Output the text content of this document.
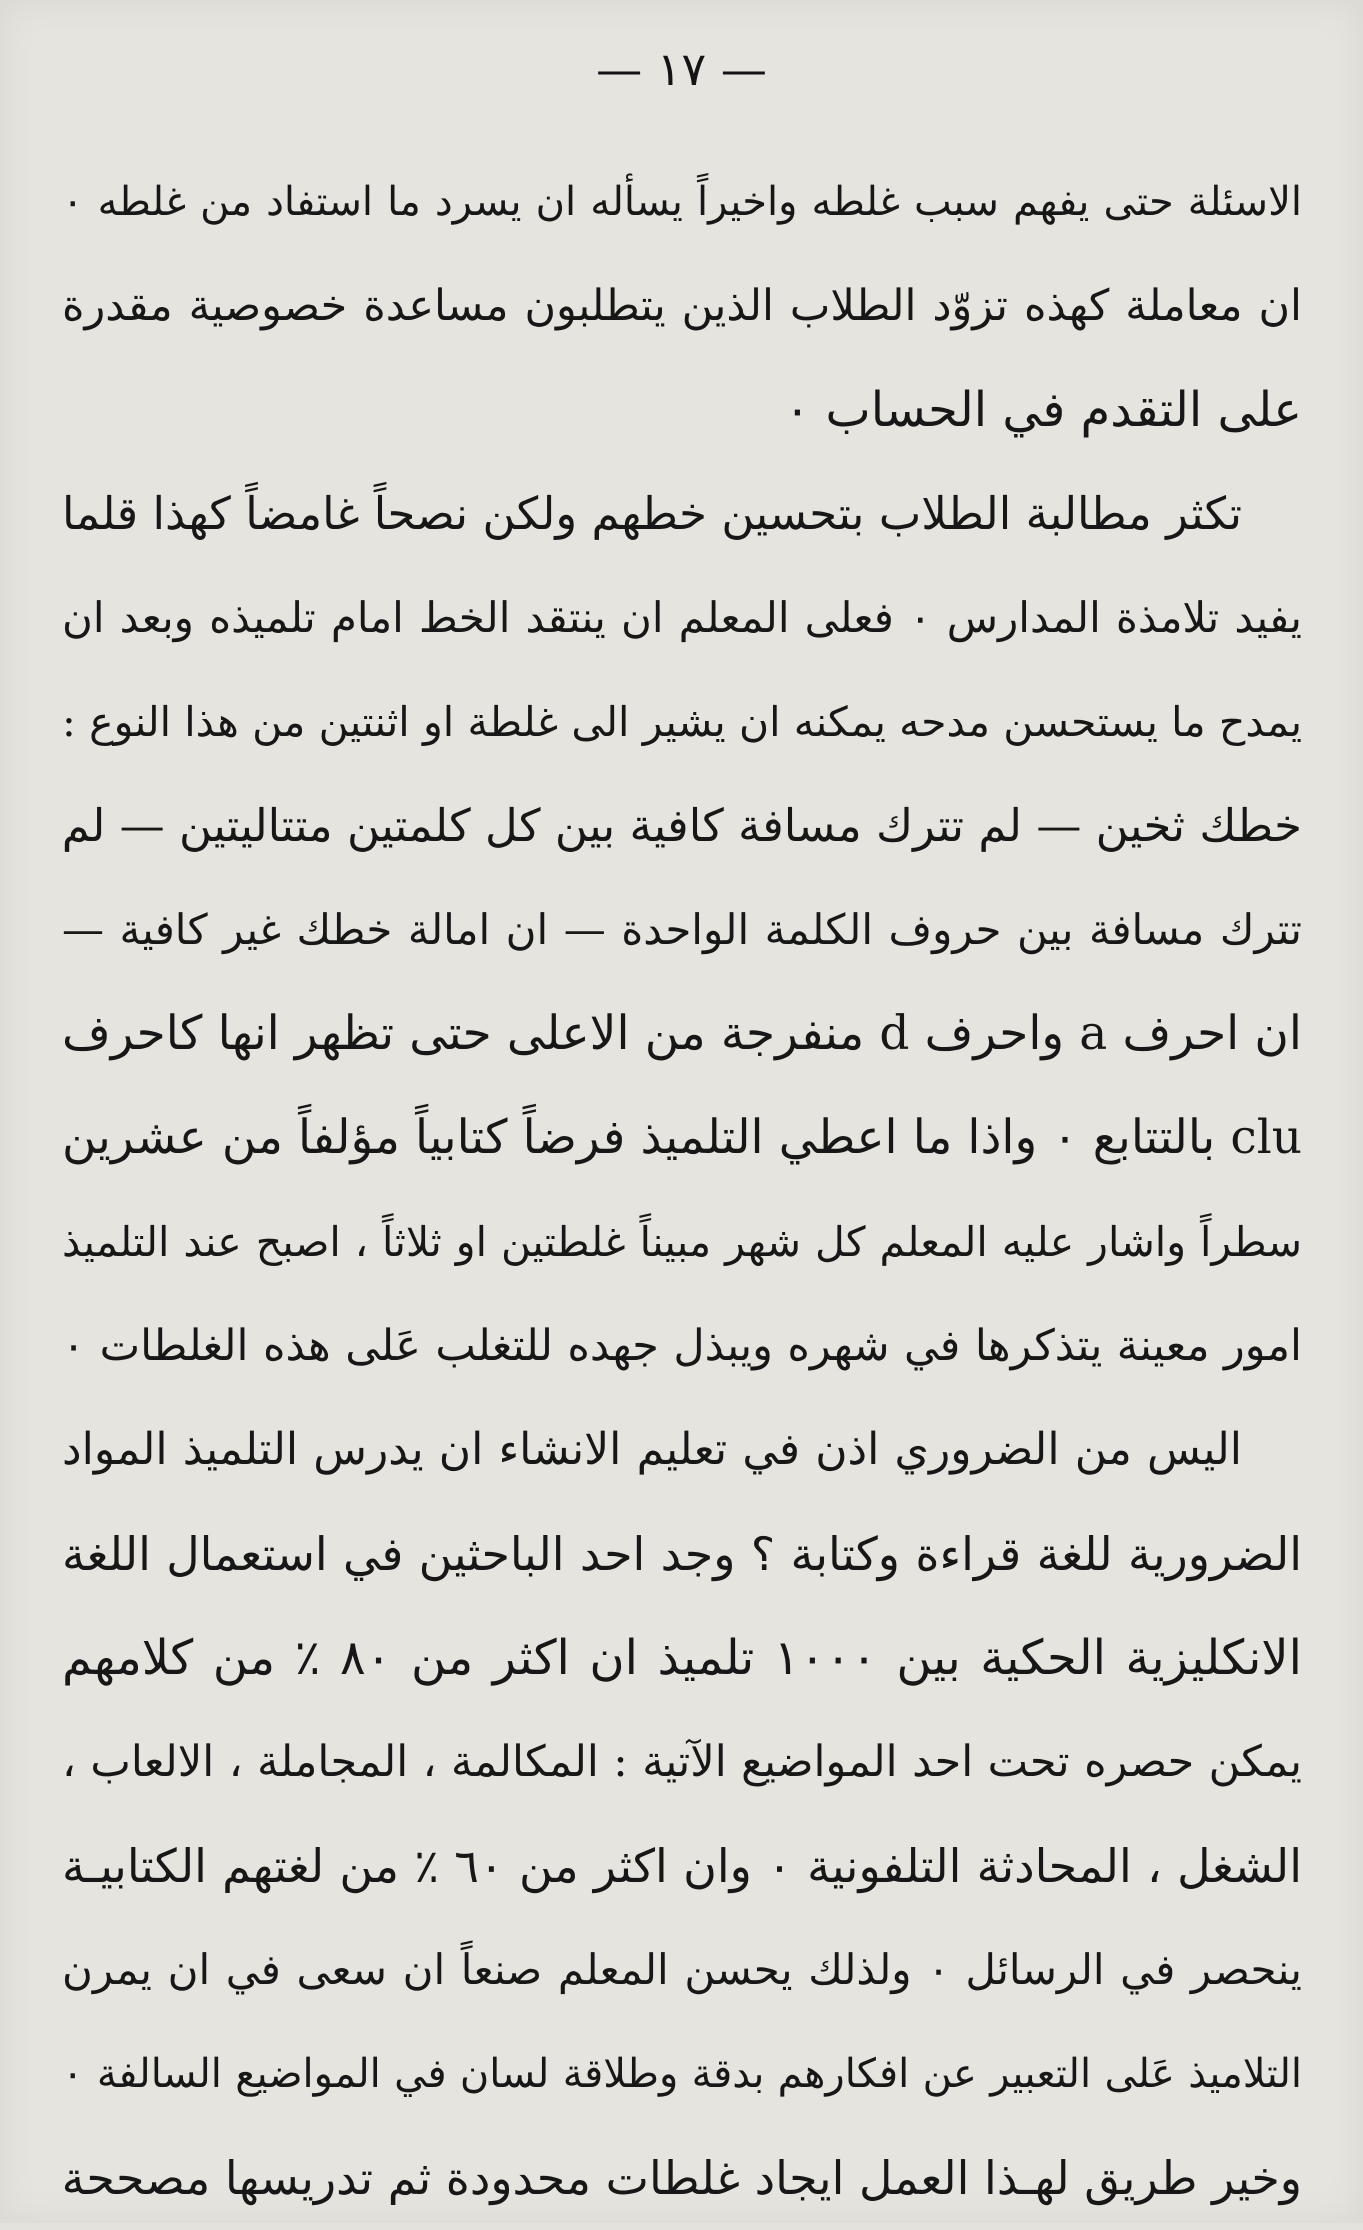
— ١٧ —
الاسئلة حتى يفهم سبب غلطه واخيراً يسأله ان يسرد ما استفاد من غلطه ٠
ان معاملة كهذه تزوّد الطلاب الذين يتطلبون مساعدة خصوصية مقدرة
على التقدم في الحساب ٠
تكثر مطالبة الطلاب بتحسين خطهم ولكن نصحاً غامضاً كهذا قلما
يفيد تلامذة المدارس ٠ فعلى المعلم ان ينتقد الخط امام تلميذه وبعد ان
يمدح ما يستحسن مدحه يمكنه ان يشير الى غلطة او اثنتين من هذا النوع :
خطك ثخين — لم تترك مسافة كافية بين كل كلمتين متتاليتين — لم
تترك مسافة بين حروف الكلمة الواحدة — ان امالة خطك غير كافية —
ان احرف a واحرف d منفرجة من الاعلى حتى تظهر انها كاحرف
clu بالتتابع ٠ واذا ما اعطي التلميذ فرضاً كتابياً مؤلفاً من عشرين
سطراً واشار عليه المعلم كل شهر مبيناً غلطتين او ثلاثاً ، اصبح عند التلميذ
امور معينة يتذكرها في شهره ويبذل جهده للتغلب عَلى هذه الغلطات ٠
اليس من الضروري اذن في تعليم الانشاء ان يدرس التلميذ المواد
الضرورية للغة قراءة وكتابة ؟ وجد احد الباحثين في استعمال اللغة
الانكليزية الحكية بين ١٠٠٠ تلميذ ان اكثر من ٨٠ ٪ من كلامهم
يمكن حصره تحت احد المواضيع الآتية : المكالمة ، المجاملة ، الالعاب ،
الشغل ، المحادثة التلفونية ٠ وان اكثر من ٦٠ ٪ من لغتهم الكتابيـة
ينحصر في الرسائل ٠ ولذلك يحسن المعلم صنعاً ان سعى في ان يمرن
التلاميذ عَلى التعبير عن افكارهم بدقة وطلاقة لسان في المواضيع السالفة ٠
وخير طريق لهـذا العمل ايجاد غلطات محدودة ثم تدريسها مصححة
